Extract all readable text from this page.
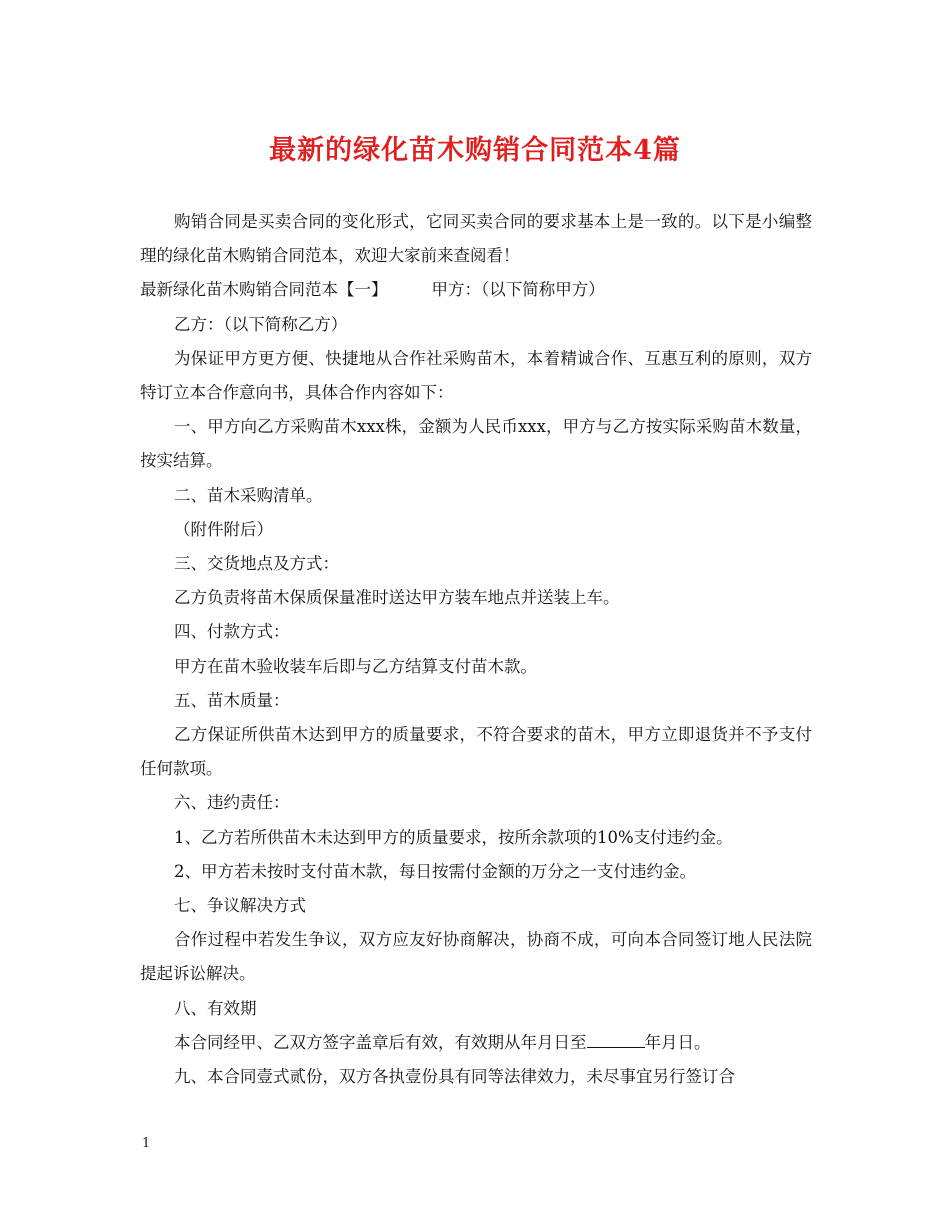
最新的绿化苗木购销合同范本4篇

购销合同是买卖合同的变化形式，它同买卖合同的要求基本上是一致的。以下是小编整理的绿化苗木购销合同范本，欢迎大家前来查阅看！

最新绿化苗木购销合同范本【一】	甲方：（以下简称甲方）

乙方：（以下简称乙方）

为保证甲方更方便、快捷地从合作社采购苗木，本着精诚合作、互惠互利的原则，双方特订立本合作意向书，具体合作内容如下：

一、甲方向乙方采购苗木xxx株，金额为人民币xxx，甲方与乙方按实际采购苗木数量，按实结算。

二、苗木采购清单。

（附件附后）

三、交货地点及方式：

乙方负责将苗木保质保量准时送达甲方装车地点并送装上车。

四、付款方式：

甲方在苗木验收装车后即与乙方结算支付苗木款。

五、苗木质量：

乙方保证所供苗木达到甲方的质量要求，不符合要求的苗木，甲方立即退货并不予支付任何款项。

六、违约责任：

1、乙方若所供苗木未达到甲方的质量要求，按所余款项的10%支付违约金。

2、甲方若未按时支付苗木款，每日按需付金额的万分之一支付违约金。

七、争议解决方式

合作过程中若发生争议，双方应友好协商解决，协商不成，可向本合同签订地人民法院提起诉讼解决。

八、有效期

本合同经甲、乙双方签字盖章后有效，有效期从年月日至	年月日。

九、本合同壹式贰份，双方各执壹份具有同等法律效力，未尽事宜另行签订合

1
